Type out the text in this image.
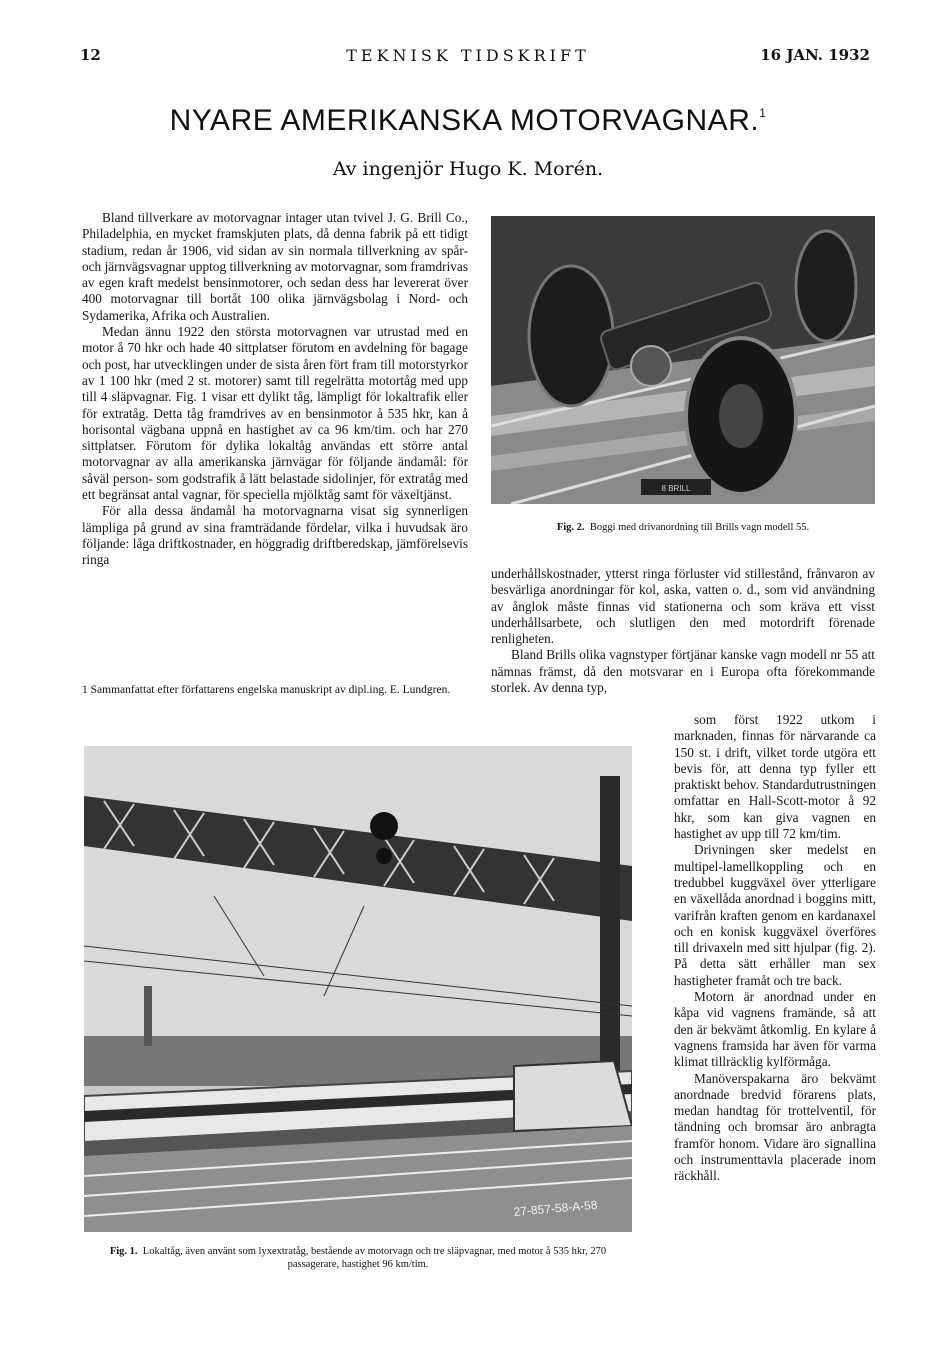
12	TEKNISK TIDSKRIFT	16 JAN. 1932
NYARE AMERIKANSKA MOTORVAGNAR.$^1$
Av ingenjör Hugo K. Morén.

Bland tillverkare av motorvagnar intager utan tvivel J. G. Brill Co., Philadelphia, en mycket framskjuten plats, då denna fabrik på ett tidigt stadium, redan år 1906, vid sidan av sin normala tillverkning av spår- och järnvägsvagnar upptog tillverkning av motorvagnar, som framdrivas av egen kraft medelst bensinmotorer, och sedan dess har levererat över 400 motorvagnar till bortåt 100 olika järnvägsbolag i Nord- och Sydamerika, Afrika och Australien.

Medan ännu 1922 den största motorvagnen var utrustad med en motor å 70 hkr och hade 40 sittplatser förutom en avdelning för bagage och post, har utvecklingen under de sista åren fört fram till motorstyrkor av 1 100 hkr (med 2 st. motorer) samt till regelrätta motortåg med upp till 4 släpvagnar. Fig. 1 visar ett dylikt tåg, lämpligt för lokaltrafik eller för extratåg. Detta tåg framdrives av en bensinmotor å 535 hkr, kan å horisontal vägbana uppnå en hastighet av ca 96 km/tim. och har 270 sittplatser. Förutom för dylika lokaltåg användas ett större antal motorvagnar av alla amerikanska järnvägar för följande ändamål: för såväl person- som godstrafik å lätt belastade sidolinjer, för extratåg med ett begränsat antal vagnar, för speciella mjölktåg samt för växeltjänst.

För alla dessa ändamål ha motorvagnarna visat sig synnerligen lämpliga på grund av sina framträdande fördelar, vilka i huvudsak äro följande: låga driftkostnader, en höggradig driftberedskap, jämförelsevis ringa

1 Sammanfattat efter författarens engelska manuskript av dipl.ing. E. Lundgren.
8 BRILL
Fig. 2. Boggi med drivanordning till Brills vagn modell 55.

underhållskostnader, ytterst ringa förluster vid stillestånd, frånvaron av besvärliga anordningar för kol, aska, vatten o. d., som vid användning av ånglok måste finnas vid stationerna och som kräva ett visst underhållsarbete, och slutligen den med motordrift förenade renligheten.

Bland Brills olika vagnstyper förtjänar kanske vagn modell nr 55 att nämnas främst, då den motsvarar en i Europa ofta förekommande storlek. Av denna typ,

som först 1922 utkom i marknaden, finnas för närvarande ca 150 st. i drift, vilket torde utgöra ett bevis för, att denna typ fyller ett praktiskt behov. Standardutrustningen omfattar en Hall-Scott-motor å 92 hkr, som kan giva vagnen en hastighet av upp till 72 km/tim.

Drivningen sker medelst en multipel-lamellkoppling och en tredubbel kuggväxel över ytterligare en växellåda anordnad i boggins mitt, varifrån kraften genom en kardanaxel och en konisk kuggväxel överföres till drivaxeln med sitt hjulpar (fig. 2). På detta sätt erhåller man sex hastigheter framåt och tre back.

Motorn är anordnad under en kåpa vid vagnens framände, så att den är bekvämt åtkomlig. En kylare å vagnens framsida har även för varma klimat tillräcklig kylförmåga.

Manöverspakarna äro bekvämt anordnade bredvid förarens plats, medan handtag för trottelventil, för tändning och bromsar äro anbragta framför honom. Vidare äro signallina och instrumenttavla placerade inom räckhåll.

27-857-58-A-58
Fig. 1. Lokaltåg, även använt som lyxextratåg, bestående av motorvagn och tre släpvagnar, med motor å 535 hkr, 270 passagerare, hastighet 96 km/tim.
